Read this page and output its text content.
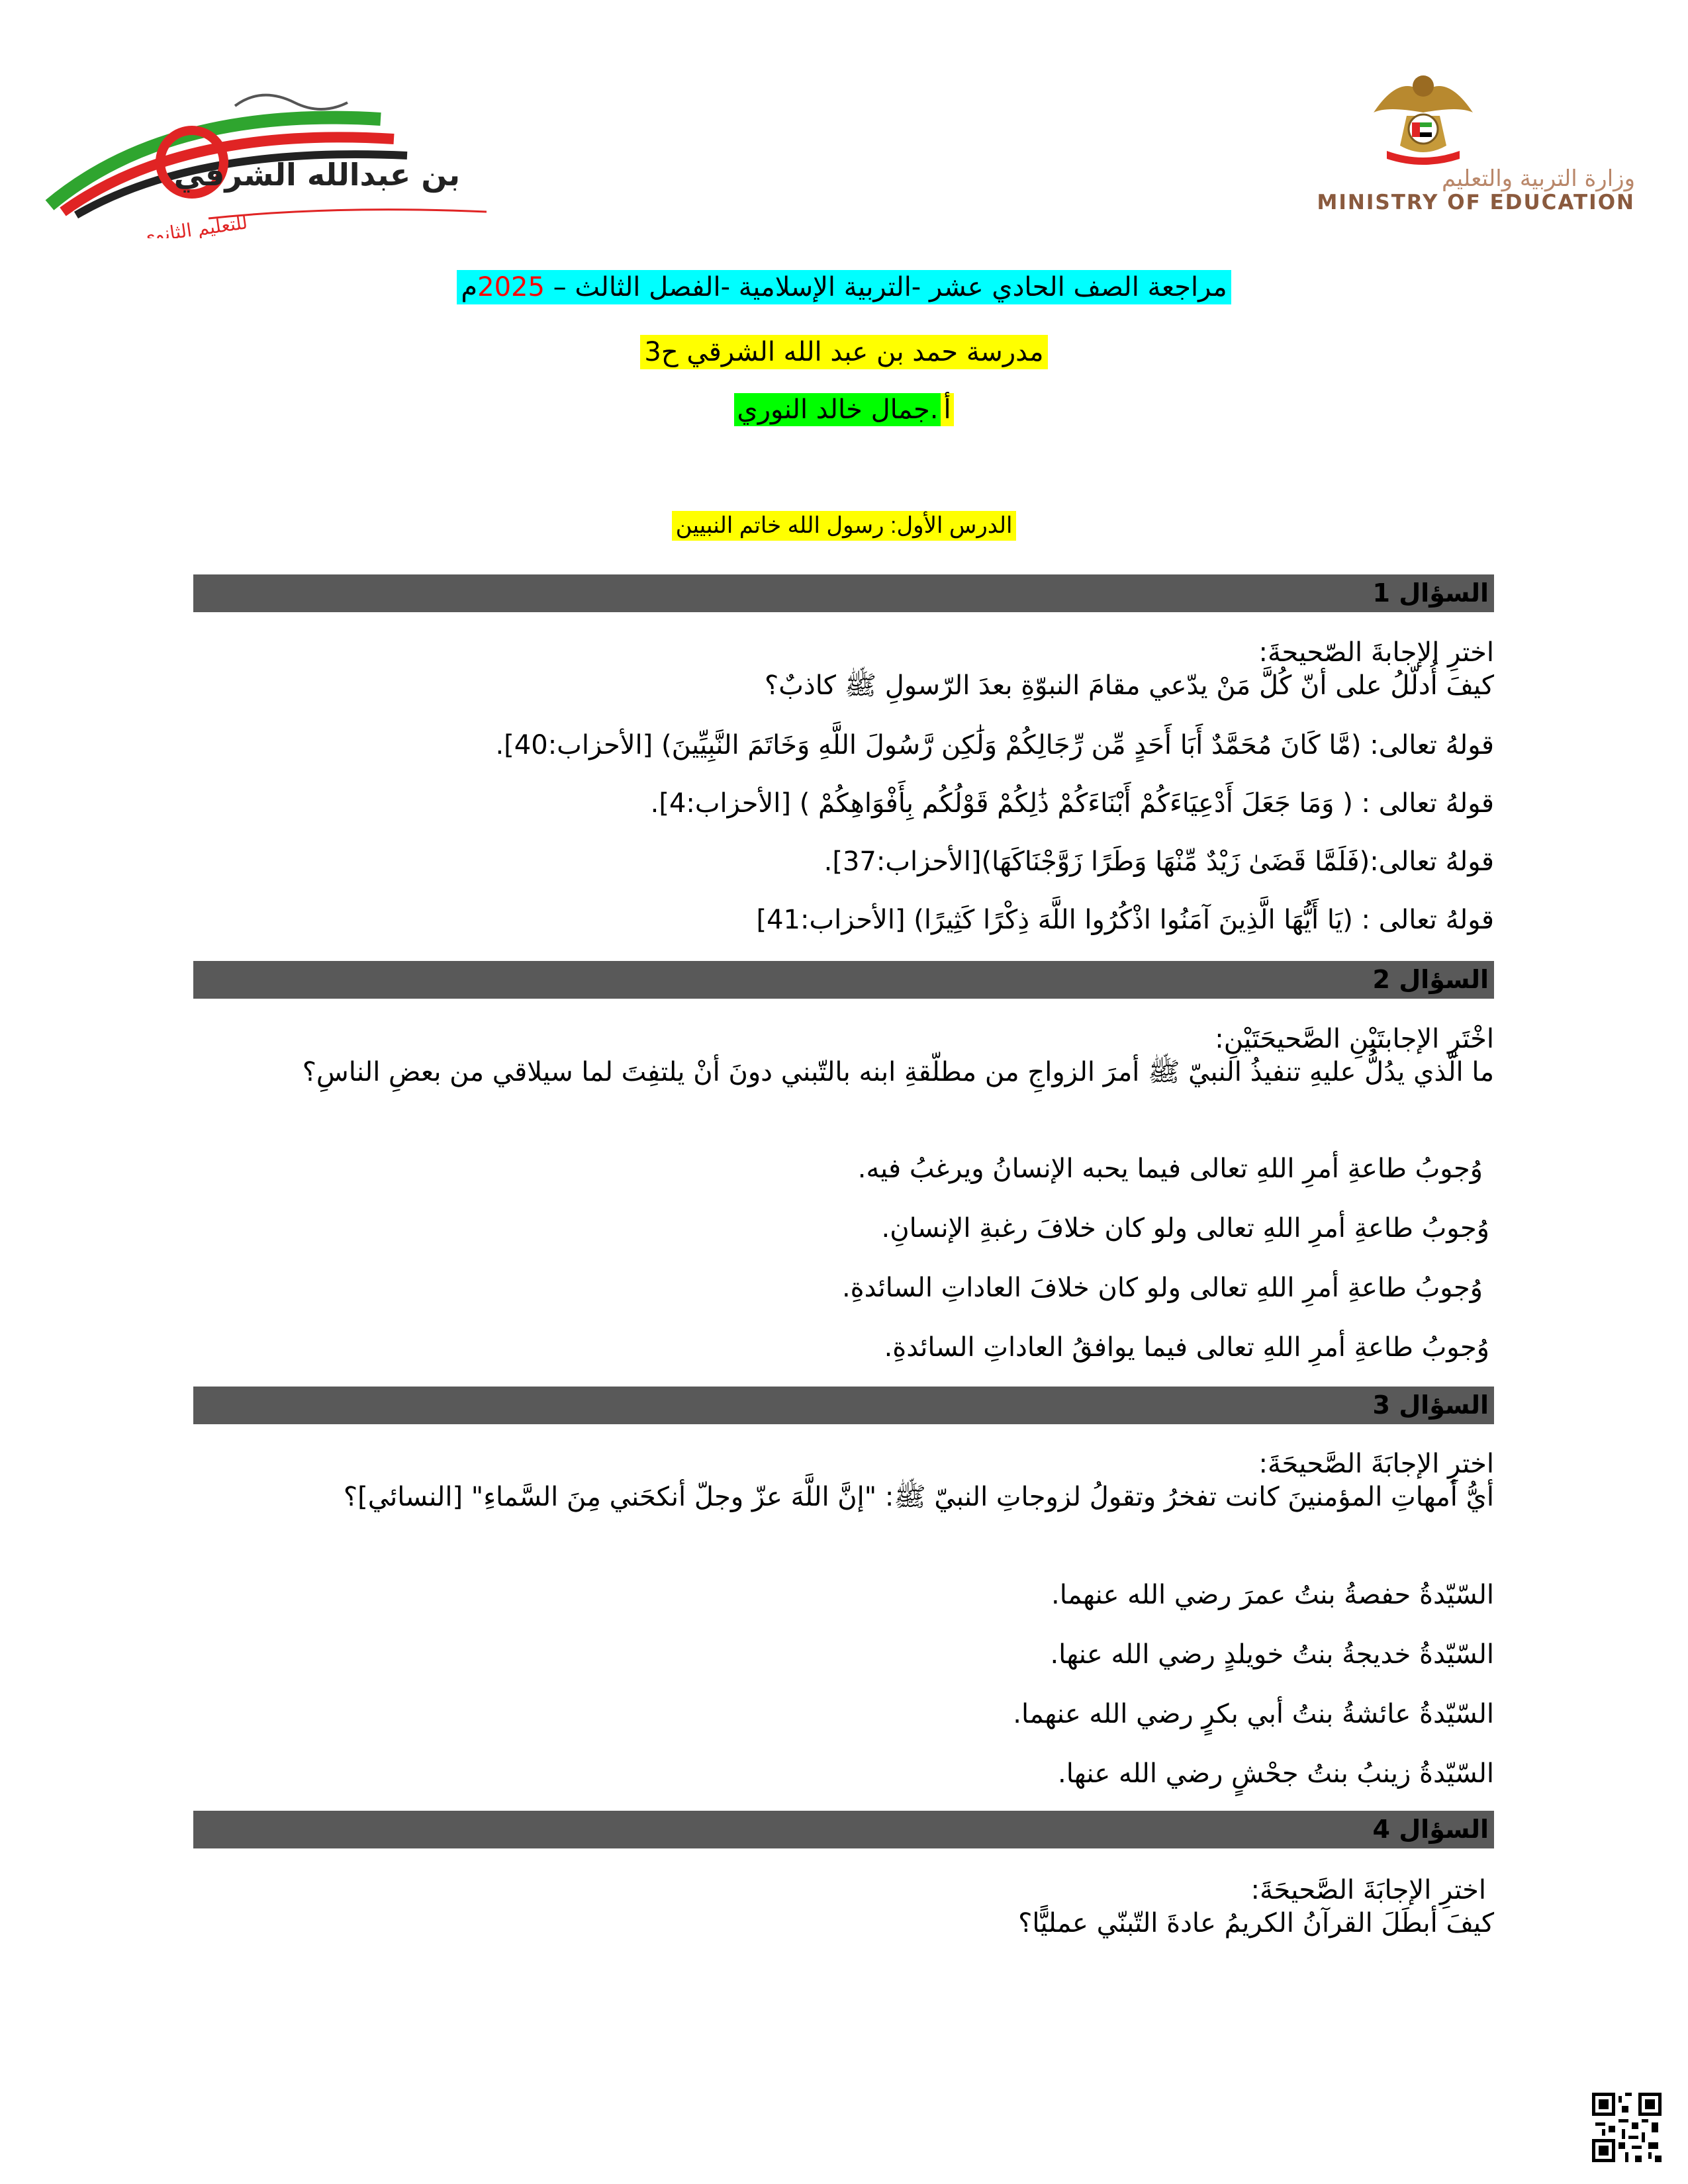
بن عبدالله الشرقي
للتعليم الثانوي
وزارة التربية والتعليم
MINISTRY OF EDUCATION
مراجعة الصف الحادي عشر -التربية الإسلامية -الفصل الثالث – 2025م
مدرسة حمد بن عبد الله الشرقي ح3
أ.جمال خالد النوري
الدرس الأول: رسول الله خاتم النبيين
السؤال 1
اخترِ الإجابةَ الصّحيحةَ:
كيفَ أُدلّلُ على أنّ كُلَّ مَنْ يدّعي مقامَ النبوّةِ بعدَ الرّسولِ ﷺ كاذبٌ؟
قولهُ تعالى: (مَّا كَانَ مُحَمَّدٌ أَبَا أَحَدٍ مِّن رِّجَالِكُمْ وَلَٰكِن رَّسُولَ اللَّهِ وَخَاتَمَ النَّبِيِّينَ) [الأحزاب:40].
قولهُ تعالى : ( وَمَا جَعَلَ أَدْعِيَاءَكُمْ أَبْنَاءَكُمْ ذَٰلِكُمْ قَوْلُكُم بِأَفْوَاهِكُمْ ) [الأحزاب:4].
قولهُ تعالى:(فَلَمَّا قَضَىٰ زَيْدٌ مِّنْهَا وَطَرًا زَوَّجْنَاكَهَا)[الأحزاب:37].
قولهُ تعالى : (يَا أَيُّهَا الَّذِينَ آمَنُوا اذْكُرُوا اللَّهَ ذِكْرًا كَثِيرًا) [الأحزاب:41]
السؤال 2
اخْتَرِ الإجابتَيْنِ الصَّحيحَتَيْنِ:
ما الّذي يدُلُّ عليهِ تنفيذُ النبيّ ﷺ أمرَ الزواجِ من مطلّقةِ ابنه بالتّبني دونَ أنْ يلتفِتَ لما سيلاقي من بعضِ الناسِ؟
وُجوبُ طاعةِ أمرِ اللهِ تعالى فيما يحبه الإنسانُ ويرغبُ فيه.
وُجوبُ طاعةِ أمرِ اللهِ تعالى ولو كان خلافَ رغبةِ الإنسانِ.
وُجوبُ طاعةِ أمرِ اللهِ تعالى ولو كان خلافَ العاداتِ السائدةِ.
وُجوبُ طاعةِ أمرِ اللهِ تعالى فيما يوافقُ العاداتِ السائدةِ.
السؤال 3
اخترِ الإجابَةَ الصَّحيحَةَ:
أيُّ أمهاتِ المؤمنينَ كانت تفخرُ وتقولُ لزوجاتِ النبيّ ﷺ: "إنَّ اللَّهَ عزّ وجلّ أنكحَني مِنَ السَّماءِ" [النسائي]؟
السّيّدةُ حفصةُ بنتُ عمرَ رضي الله عنهما.
السّيّدةُ خديجةُ بنتُ خويلدٍ رضي الله عنها.
السّيّدةُ عائشةُ بنتُ أبي بكرٍ رضي الله عنهما.
السّيّدةُ زينبُ بنتُ جحْشٍ رضي الله عنها.
السؤال 4
اخترِ الإجابَةَ الصَّحيحَةَ:
كيفَ أبطَلَ القرآنُ الكريمُ عادةَ التّبنّي عمليًّا؟
